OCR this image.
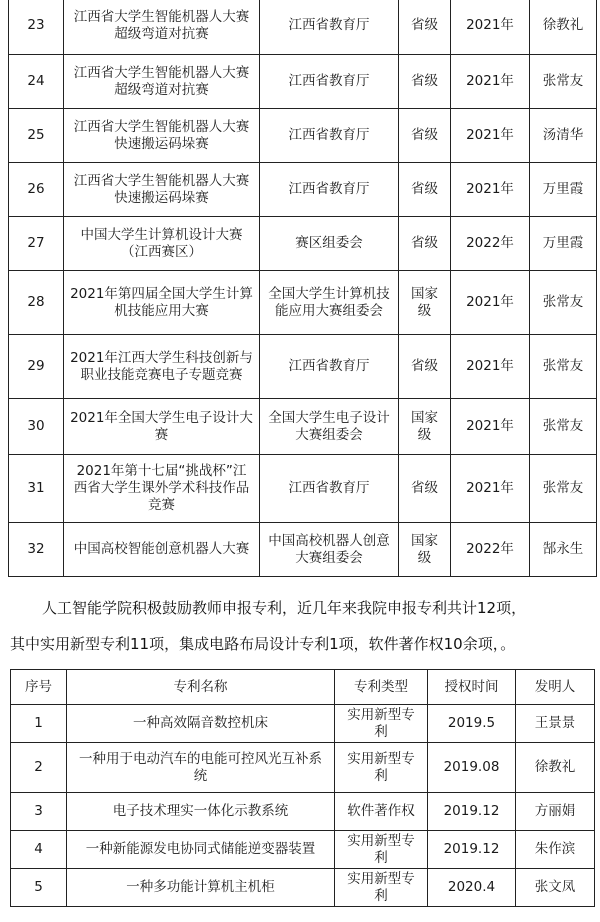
23	江西省大学生智能机器人大赛超级弯道对抗赛	江西省教育厅	省级	2021年	徐教礼
24	江西省大学生智能机器人大赛超级弯道对抗赛	江西省教育厅	省级	2021年	张常友
25	江西省大学生智能机器人大赛快速搬运码垛赛	江西省教育厅	省级	2021年	汤清华
26	江西省大学生智能机器人大赛快速搬运码垛赛	江西省教育厅	省级	2021年	万里霞
27	中国大学生计算机设计大赛（江西赛区）	赛区组委会	省级	2022年	万里霞
28	2021年第四届全国大学生计算机技能应用大赛	全国大学生计算机技能应用大赛组委会	国家级	2021年	张常友
29	2021年江西大学生科技创新与职业技能竞赛电子专题竞赛	江西省教育厅	省级	2021年	张常友
30	2021年全国大学生电子设计大赛	全国大学生电子设计大赛组委会	国家级	2021年	张常友
31	2021年第十七届“挑战杯”江西省大学生课外学术科技作品竞赛	江西省教育厅	省级	2021年	张常友
32	中国高校智能创意机器人大赛	中国高校机器人创意大赛组委会	国家级	2022年	郜永生

人工智能学院积极鼓励教师申报专利，近几年来我院申报专利共计12项，

其中实用新型专利11项，集成电路布局设计专利1项，软件著作权10余项，。

序号	专利名称	专利类型	授权时间	发明人
1	一种高效隔音数控机床	实用新型专利	2019.5	王景景
2	一种用于电动汽车的电能可控风光互补系统	实用新型专利	2019.08	徐教礼
3	电子技术理实一体化示教系统	软件著作权	2019.12	方丽娟
4	一种新能源发电协同式储能逆变器装置	实用新型专利	2019.12	朱作滨
5	一种多功能计算机主机柜	实用新型专利	2020.4	张文凤
